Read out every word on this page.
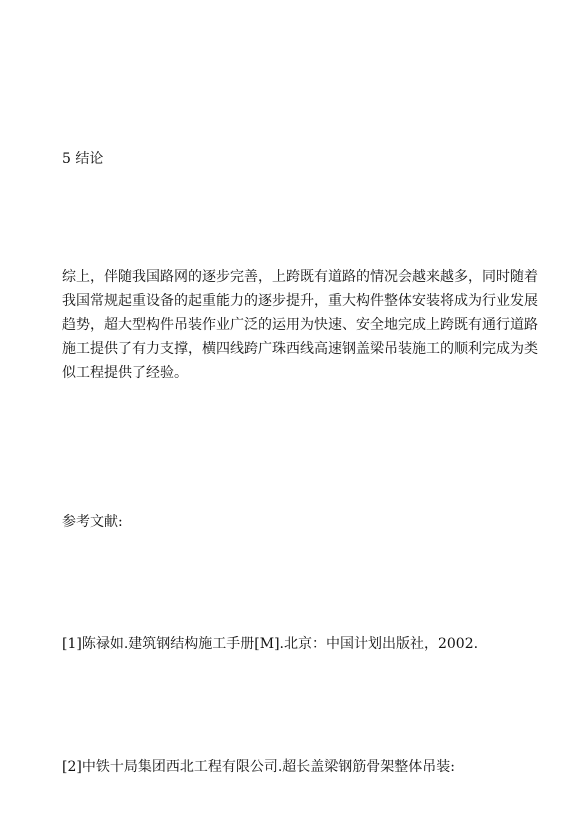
5 结论

综上，伴随我国路网的逐步完善，上跨既有道路的情况会越来越多，同时随着我国常规起重设备的起重能力的逐步提升，重大构件整体安装将成为行业发展趋势，超大型构件吊装作业广泛的运用为快速、安全地完成上跨既有通行道路施工提供了有力支撑，横四线跨广珠西线高速钢盖梁吊装施工的顺利完成为类似工程提供了经验。

参考文献:

[1]陈禄如.建筑钢结构施工手册[M].北京：中国计划出版社，2002.

[2]中铁十局集团西北工程有限公司.超长盖梁钢筋骨架整体吊装:
